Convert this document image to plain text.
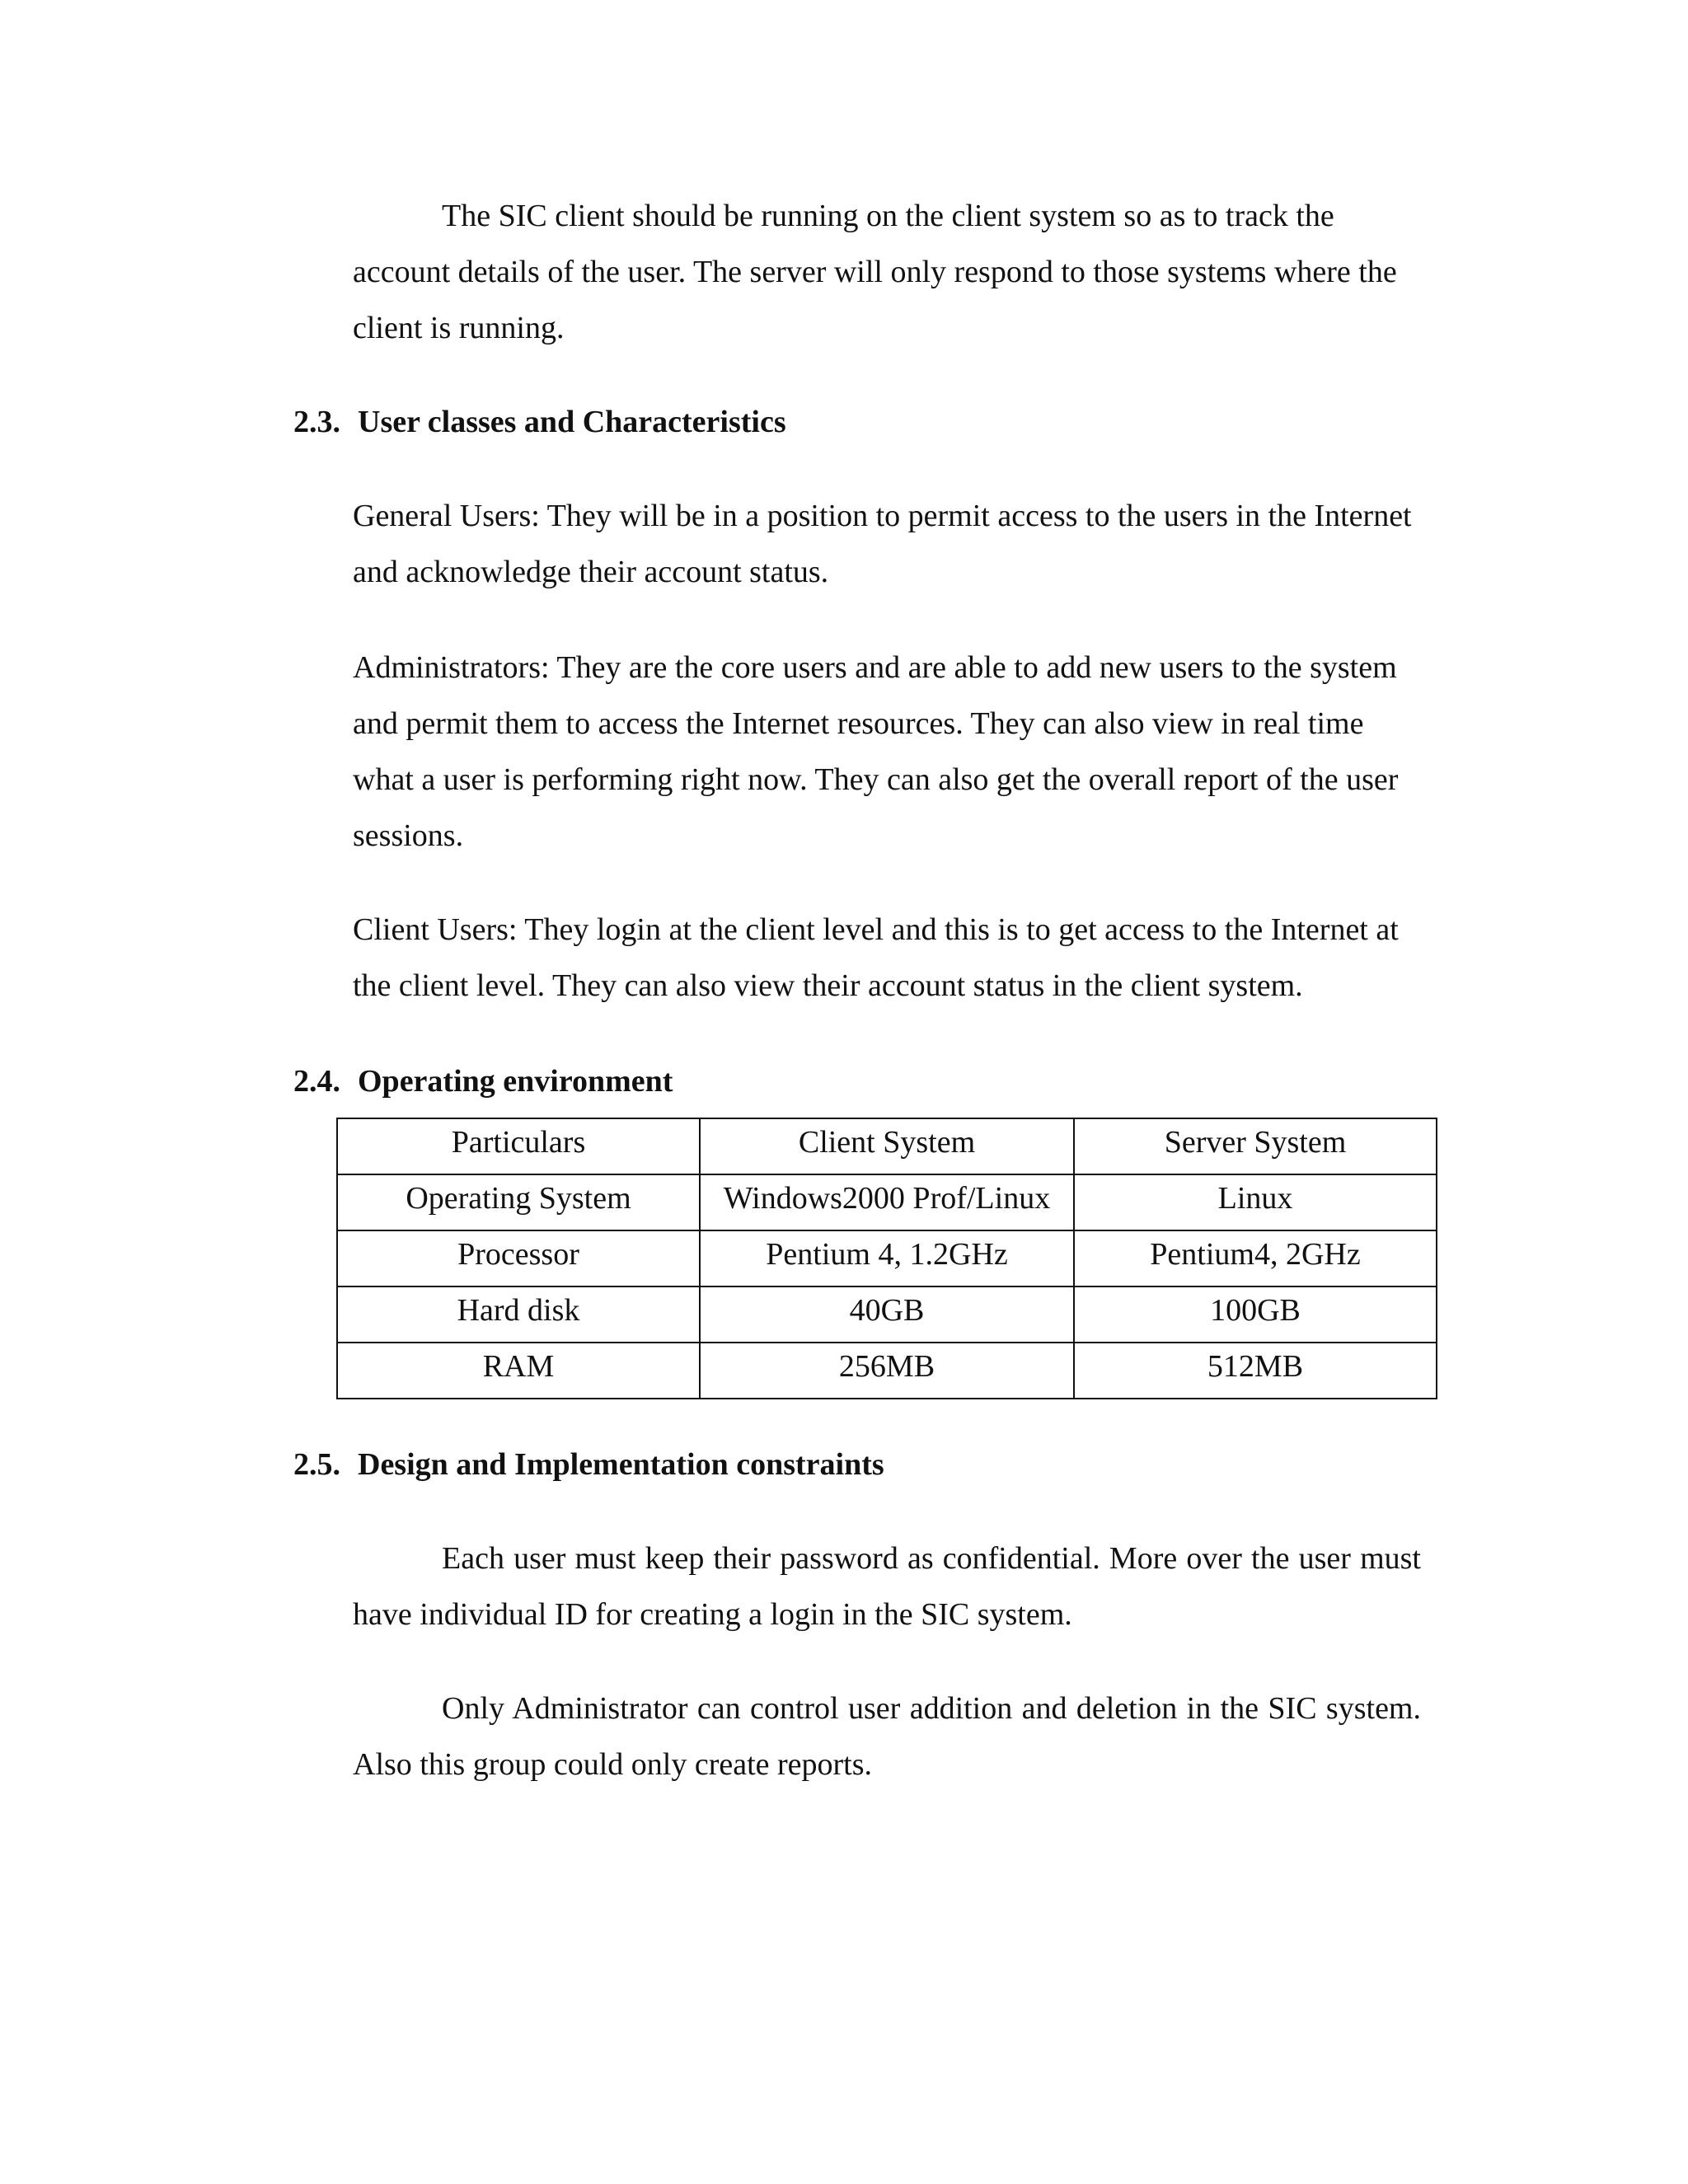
The SIC client should be running on the client system so as to track the account details of the user. The server will only respond to those systems where the client is running.

2.3. User classes and Characteristics

General Users: They will be in a position to permit access to the users in the Internet and acknowledge their account status.

Administrators: They are the core users and are able to add new users to the system and permit them to access the Internet resources. They can also view in real time what a user is performing right now. They can also get the overall report of the user sessions.

Client Users: They login at the client level and this is to get access to the Internet at the client level. They can also view their account status in the client system.

2.4. Operating environment
Particulars	Client System	Server System
Operating System	Windows2000 Prof/Linux	Linux
Processor	Pentium 4, 1.2GHz	Pentium4, 2GHz
Hard disk	40GB	100GB
RAM	256MB	512MB
2.5. Design and Implementation constraints

Each user must keep their password as confidential. More over the user must have individual ID for creating a login in the SIC system.

Only Administrator can control user addition and deletion in the SIC system. Also this group could only create reports.
